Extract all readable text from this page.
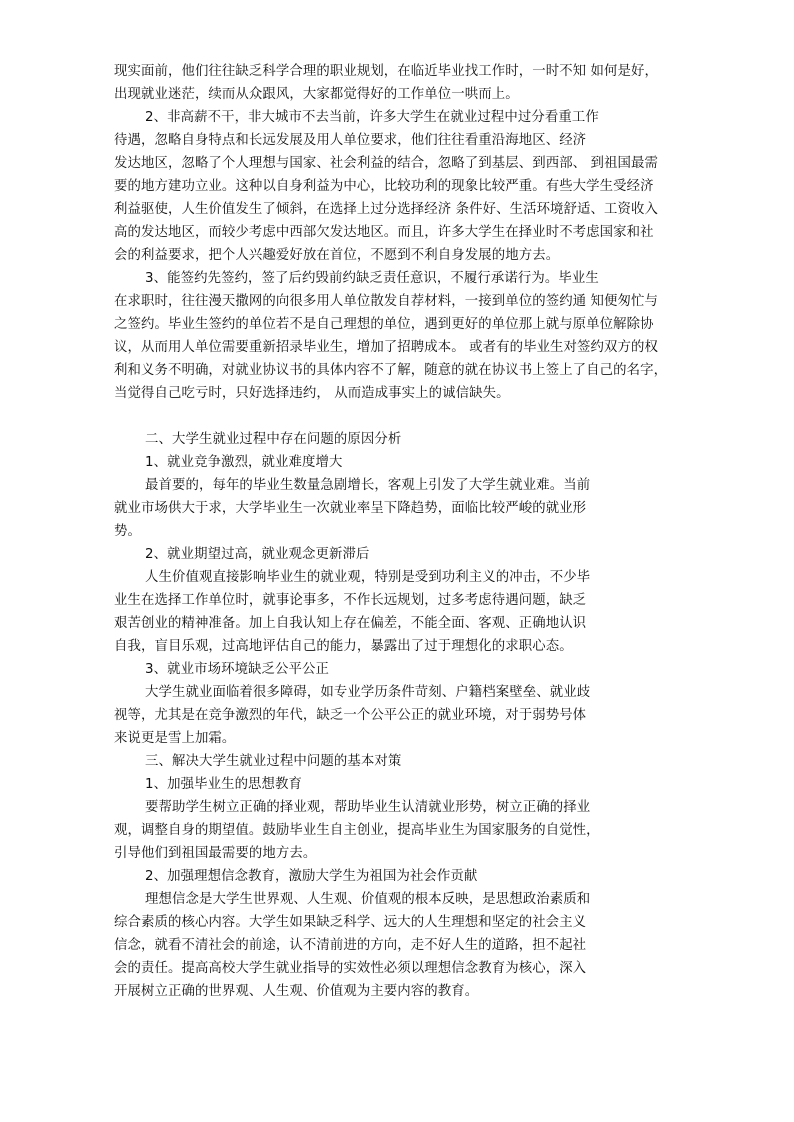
现实面前，他们往往缺乏科学合理的职业规划，在临近毕业找工作时，一时不知 如何是好，

出现就业迷茫，续而从众跟风，大家都觉得好的工作单位一哄而上。

2、非高薪不干，非大城市不去当前，许多大学生在就业过程中过分看重工作

待遇，忽略自身特点和长远发展及用人单位要求，他们往往看重沿海地区、经济

发达地区，忽略了个人理想与国家、社会利益的结合，忽略了到基层、到西部、 到祖国最需

要的地方建功立业。这种以自身利益为中心，比较功利的现象比较严重。有些大学生受经济

利益驱使，人生价值发生了倾斜，在选择上过分选择经济 条件好、生活环境舒适、工资收入

高的发达地区，而较少考虑中西部欠发达地区。而且，许多大学生在择业时不考虑国家和社

会的利益要求，把个人兴趣爱好放在首位，不愿到不利自身发展的地方去。

3、能签约先签约，签了后约毁前约缺乏责任意识，不履行承诺行为。毕业生

在求职时，往往漫天撒网的向很多用人单位散发自荐材料，一接到单位的签约通 知便匆忙与

之签约。毕业生签约的单位若不是自己理想的单位，遇到更好的单位那上就与原单位解除协

议，从而用人单位需要重新招录毕业生，增加了招聘成本。 或者有的毕业生对签约双方的权

利和义务不明确，对就业协议书的具体内容不了解，随意的就在协议书上签上了自己的名字，

当觉得自己吃亏时，只好选择违约， 从而造成事实上的诚信缺失。

二、大学生就业过程中存在问题的原因分析

1、就业竞争激烈，就业难度增大

最首要的，每年的毕业生数量急剧增长，客观上引发了大学生就业难。当前

就业市场供大于求，大学毕业生一次就业率呈下降趋势，面临比较严峻的就业形

势。

2、就业期望过高，就业观念更新滞后

人生价值观直接影响毕业生的就业观，特别是受到功利主义的冲击，不少毕

业生在选择工作单位时，就事论事多，不作长远规划，过多考虑待遇问题，缺乏

艰苦创业的精神准备。加上自我认知上存在偏差，不能全面、客观、正确地认识

自我，盲目乐观，过高地评估自己的能力，暴露出了过于理想化的求职心态。

3、就业市场环境缺乏公平公正

大学生就业面临着很多障碍，如专业学历条件苛刻、户籍档案壁垒、就业歧

视等，尤其是在竞争激烈的年代，缺乏一个公平公正的就业环境，对于弱势号体

来说更是雪上加霜。

三、解决大学生就业过程中问题的基本对策

1、加强毕业生的思想教育

要帮助学生树立正确的择业观，帮助毕业生认清就业形势，树立正确的择业

观，调整自身的期望值。鼓励毕业生自主创业，提高毕业生为国家服务的自觉性，

引导他们到祖国最需要的地方去。

2、加强理想信念教育，激励大学生为祖国为社会作贡献

理想信念是大学生世界观、人生观、价值观的根本反映，是思想政治素质和

综合素质的核心内容。大学生如果缺乏科学、远大的人生理想和坚定的社会主义

信念，就看不清社会的前途，认不清前进的方向，走不好人生的道路，担不起社

会的责任。提高高校大学生就业指导的实效性必须以理想信念教育为核心，深入

开展树立正确的世界观、人生观、价值观为主要内容的教育。
